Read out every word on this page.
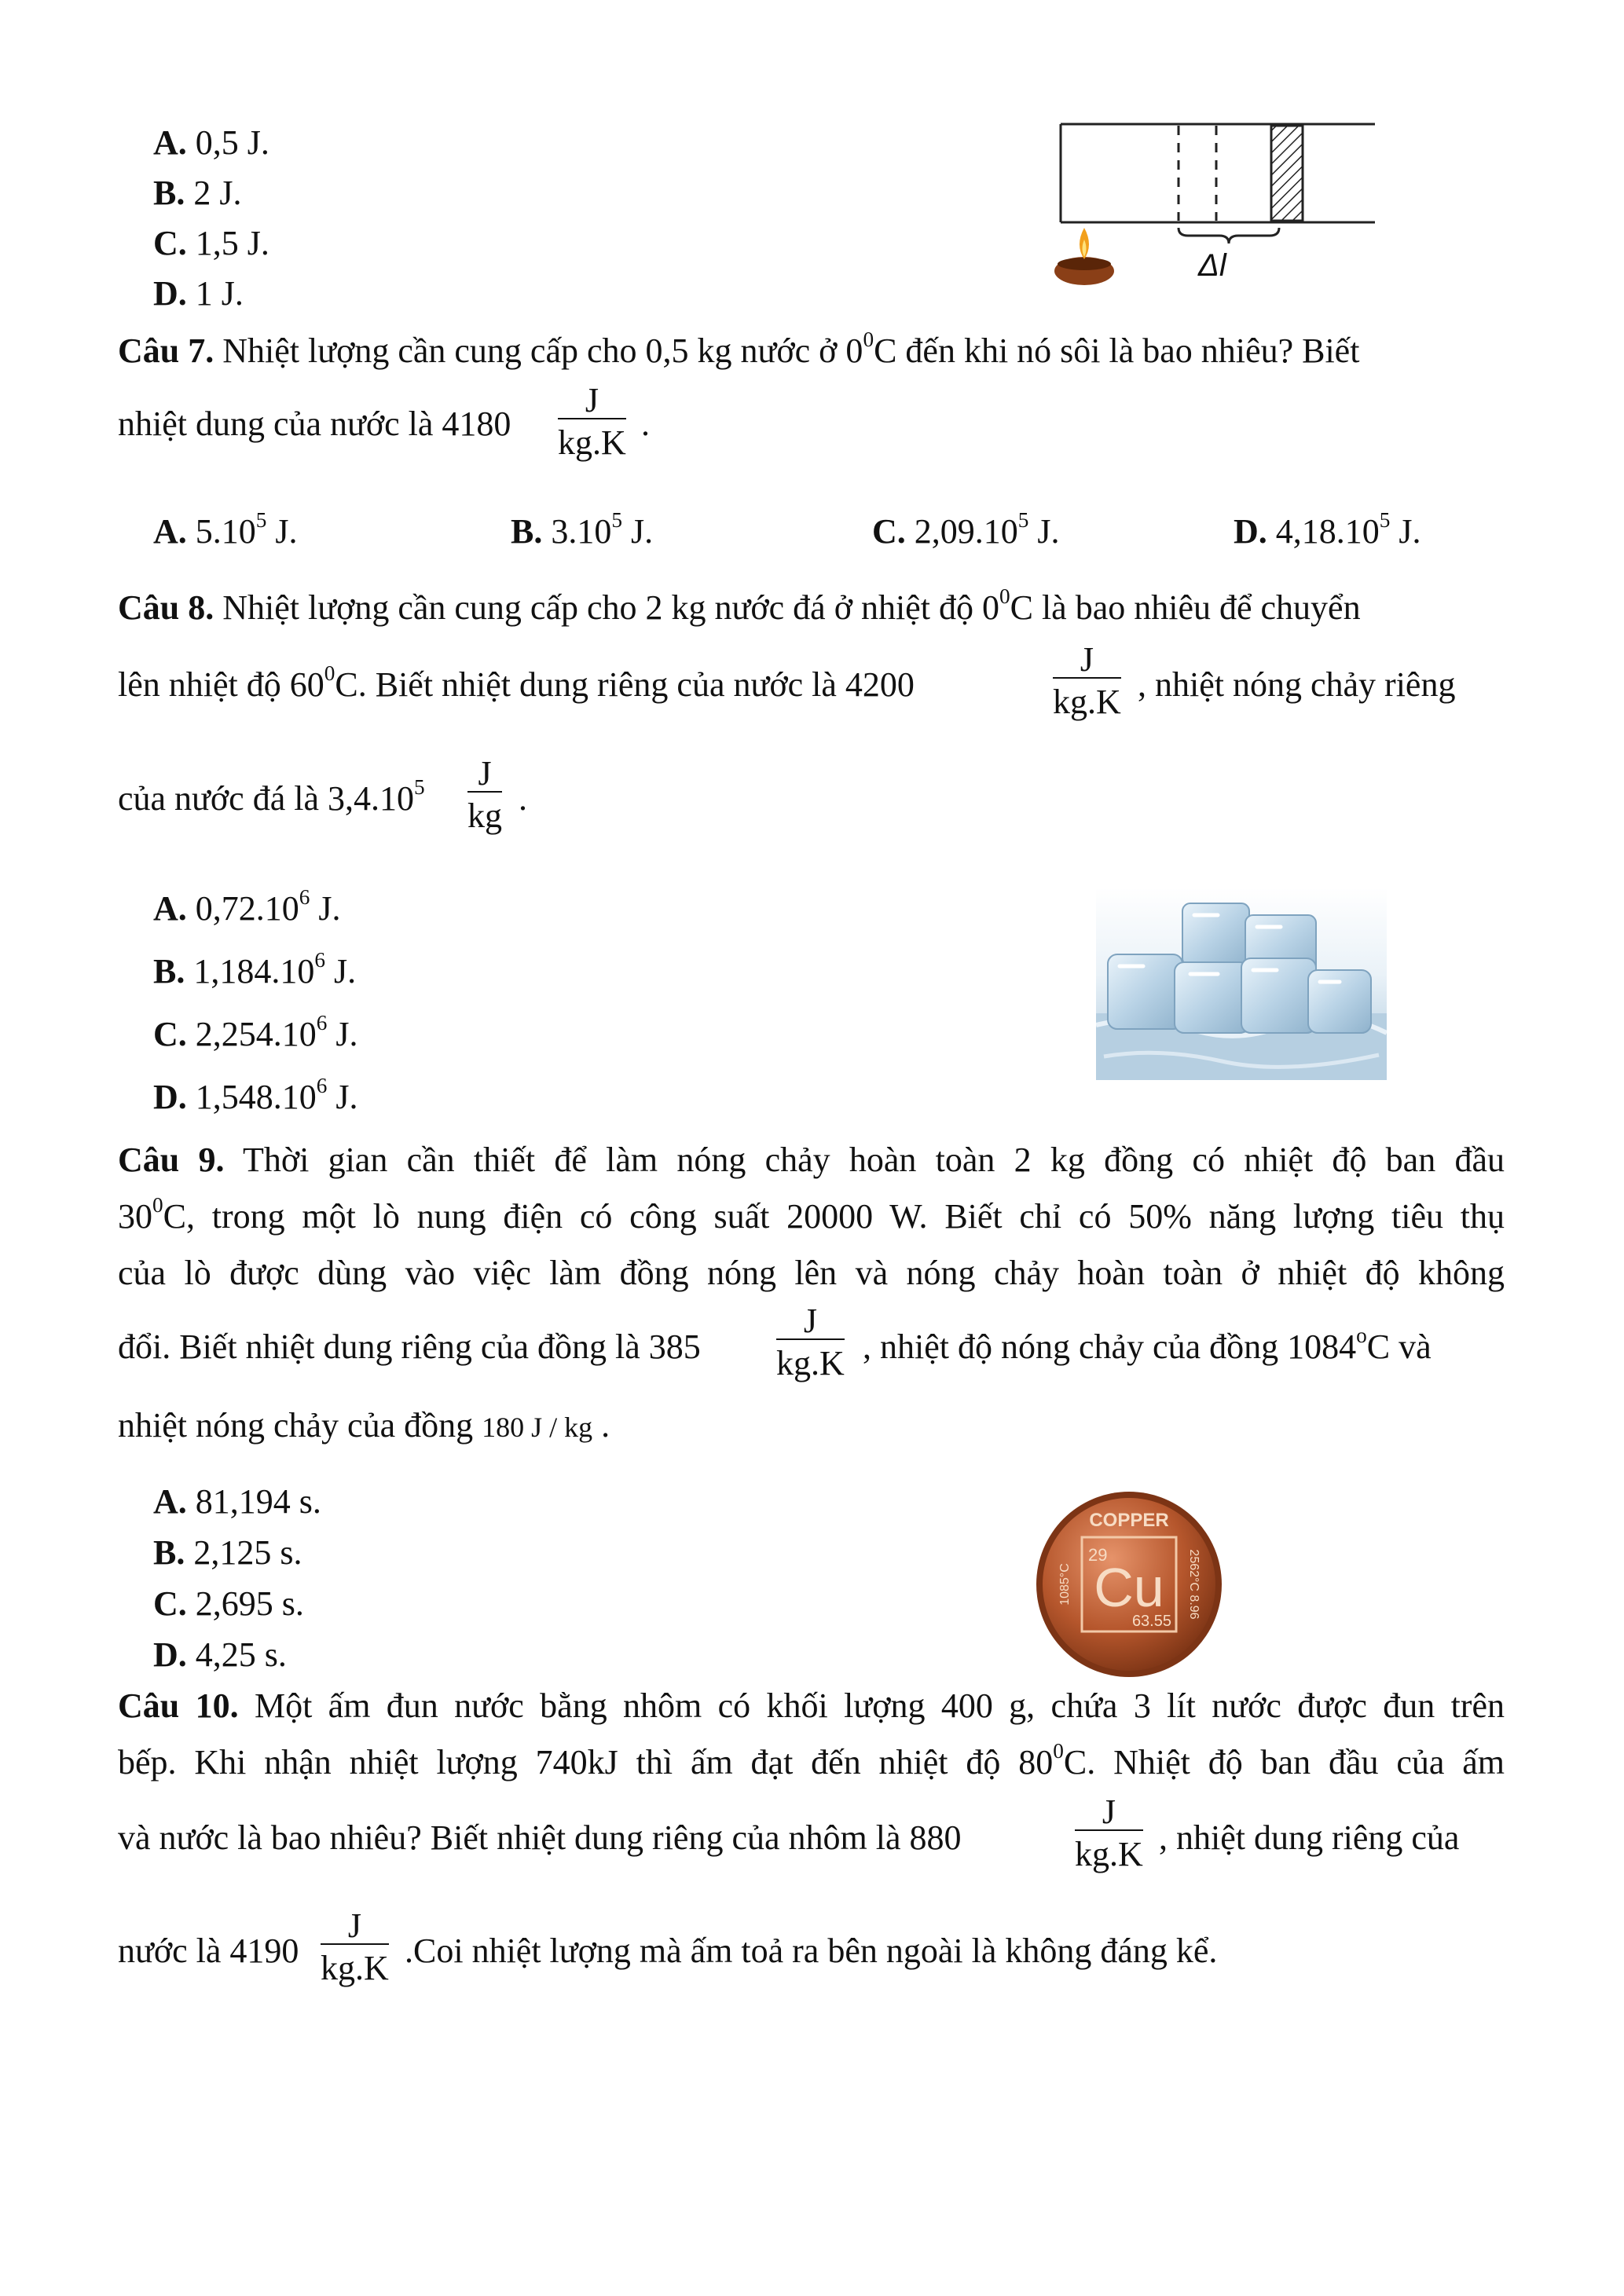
A. 0,5 J.
B. 2 J.
C. 1,5 J.
D. 1 J.
Δl
Câu 7. Nhiệt lượng cần cung cấp cho 0,5 kg nước ở $0^0C$ đến khi nó sôi là bao nhiêu? Biết
nhiệt dung của nước là $4180 \frac{J}{kg.K}$ .
A. 5.10$^5$ J.	B. 3.10$^5$ J.	C. 2,09.10$^5$ J.	D. 4,18.10$^5$ J.
Câu 8. Nhiệt lượng cần cung cấp cho 2 kg nước đá ở nhiệt độ $0^0C$ là bao nhiêu để chuyển
lên nhiệt độ $60^0C$. Biết nhiệt dung riêng của nước là 4200	$\frac{J}{kg.K}$ , nhiệt nóng chảy riêng
của nước đá là $3,4.10^5 \frac{J}{kg}$ .
A. 0,72.10$^6$ J.
B. 1,184.10$^6$ J.
C. 2,254.10$^6$ J.
D. 1,548.10$^6$ J.
Câu 9. Thời gian cần thiết để làm nóng chảy hoàn toàn 2 kg đồng có nhiệt độ ban đầu
$30^0C$, trong một lò nung điện có công suất 20000 W. Biết chỉ có 50% năng lượng tiêu thụ
của lò được dùng vào việc làm đồng nóng lên và nóng chảy hoàn toàn ở nhiệt độ không
đổi. Biết nhiệt dung riêng của đồng là $385 \frac{J}{kg.K}$ , nhiệt độ nóng chảy của đồng 1084$^o$C và
nhiệt nóng chảy của đồng 180 J / kg .
A. 81,194 s.
B. 2,125 s.
C. 2,695 s.
D. 4,25 s.
COPPER
29
Cu
63.55
1085°C	2562°C 8.96
Câu 10. Một ấm đun nước bằng nhôm có khối lượng 400 g, chứa 3 lít nước được đun trên
bếp. Khi nhận nhiệt lượng 740kJ thì ấm đạt đến nhiệt độ $80^0C$. Nhiệt độ ban đầu của ấm
và nước là bao nhiêu? Biết nhiệt dung riêng của nhôm là 880	$\frac{J}{kg.K}$ , nhiệt dung riêng của
nước là $4190 \frac{J}{kg.K} .Coi$ nhiệt lượng mà ấm toả ra bên ngoài là không đáng kể.
